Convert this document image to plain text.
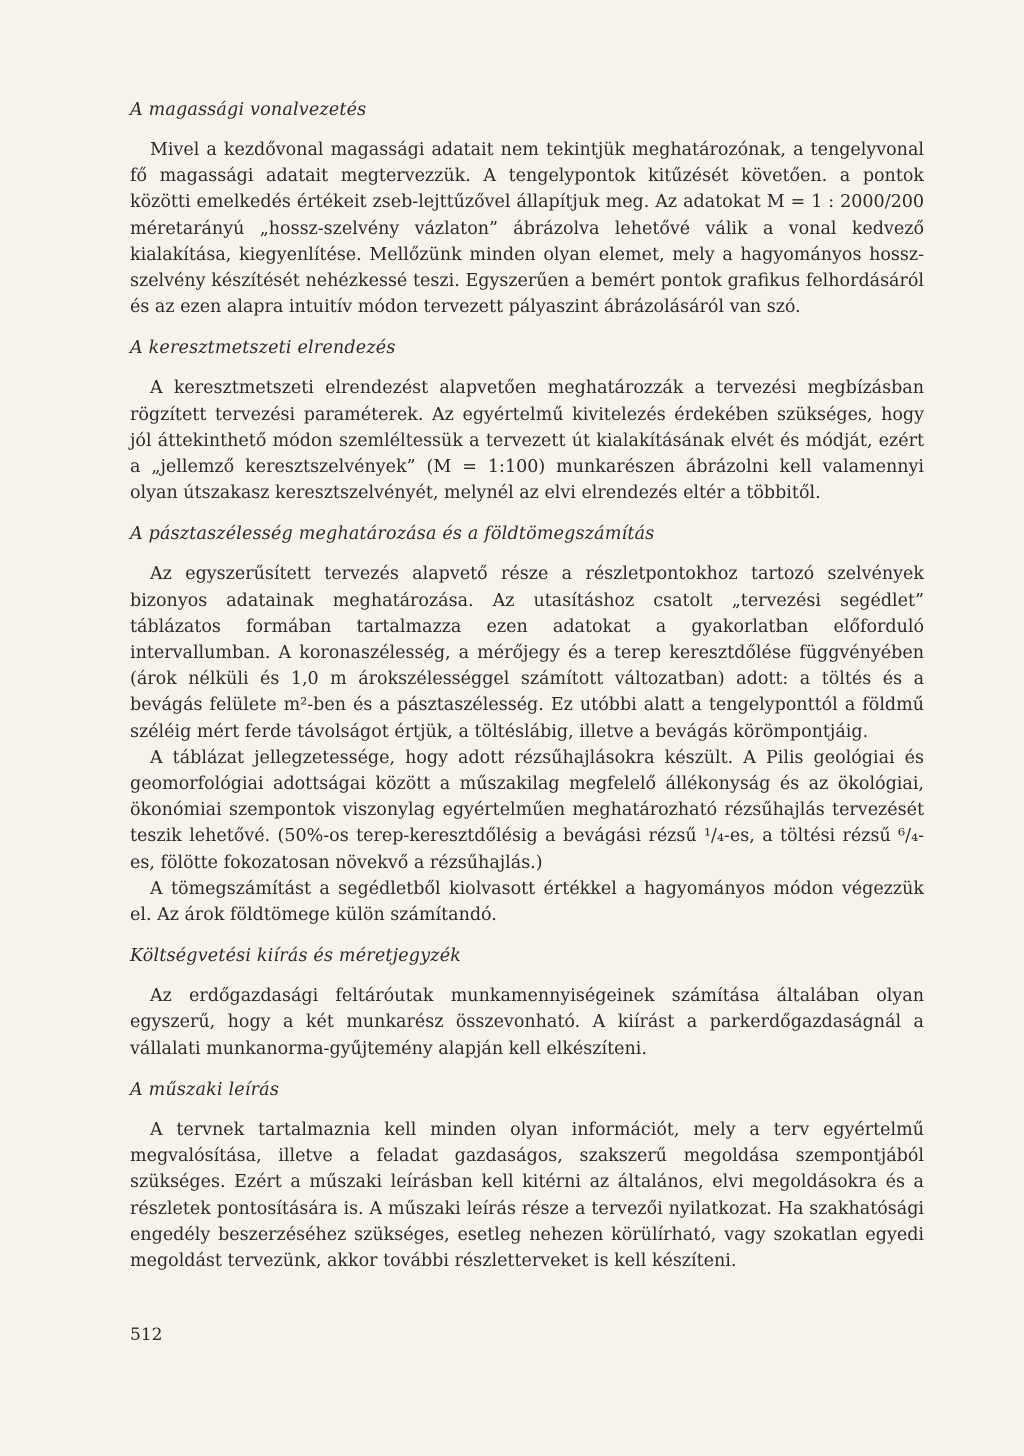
A magassági vonalvezetés

Mivel a kezdővonal magassági adatait nem tekintjük meghatározónak, a tengelyvonal fő magassági adatait megtervezzük. A tengelypontok kitűzését követően. a pontok közötti emelkedés értékeit zseb-lejttűzővel állapítjuk meg. Az adatokat M = 1 : 2000/200 méretarányú „hossz-szelvény vázlaton” ábrázolva lehetővé válik a vonal kedvező kialakítása, kiegyenlítése. Mellőzünk minden olyan elemet, mely a hagyományos hossz-szelvény készítését nehézkessé teszi. Egyszerűen a bemért pontok grafikus felhordásáról és az ezen alapra intuitív módon tervezett pályaszint ábrázolásáról van szó.

A keresztmetszeti elrendezés

A keresztmetszeti elrendezést alapvetően meghatározzák a tervezési megbízásban rögzített tervezési paraméterek. Az egyértelmű kivitelezés érdekében szükséges, hogy jól áttekinthető módon szemléltessük a tervezett út kialakításának elvét és módját, ezért a „jellemző keresztszelvények” (M = 1:100) munkarészen ábrázolni kell valamennyi olyan útszakasz keresztszelvényét, melynél az elvi elrendezés eltér a többitől.

A pásztaszélesség meghatározása és a földtömegszámítás

Az egyszerűsített tervezés alapvető része a részletpontokhoz tartozó szelvények bizonyos adatainak meghatározása. Az utasításhoz csatolt „tervezési segédlet” táblázatos formában tartalmazza ezen adatokat a gyakorlatban előforduló intervallumban. A koronaszélesség, a mérőjegy és a terep keresztdőlése függvényében (árok nélküli és 1,0 m árokszélességgel számított változatban) adott: a töltés és a bevágás felülete m²-ben és a pásztaszélesség. Ez utóbbi alatt a tengelyponttól a földmű széléig mért ferde távolságot értjük, a töltéslábig, illetve a bevágás körömpontjáig.

A táblázat jellegzetessége, hogy adott rézsűhajlásokra készült. A Pilis geológiai és geomorfológiai adottságai között a műszakilag megfelelő állékonyság és az ökológiai, ökonómiai szempontok viszonylag egyértelműen meghatározható rézsűhajlás tervezését teszik lehetővé. (50%-os terep-keresztdőlésig a bevágási rézsű ¹/₄-es, a töltési rézsű ⁶/₄-es, fölötte fokozatosan növekvő a rézsűhajlás.)

A tömegszámítást a segédletből kiolvasott értékkel a hagyományos módon végezzük el. Az árok földtömege külön számítandó.

Költségvetési kiírás és méretjegyzék

Az erdőgazdasági feltáróutak munkamennyiségeinek számítása általában olyan egyszerű, hogy a két munkarész összevonható. A kiírást a parkerdőgazdaságnál a vállalati munkanorma-gyűjtemény alapján kell elkészíteni.

A műszaki leírás

A tervnek tartalmaznia kell minden olyan információt, mely a terv egyértelmű megvalósítása, illetve a feladat gazdaságos, szakszerű megoldása szempontjából szükséges. Ezért a műszaki leírásban kell kitérni az általános, elvi megoldásokra és a részletek pontosítására is. A műszaki leírás része a tervezői nyilatkozat. Ha szakhatósági engedély beszerzéséhez szükséges, esetleg nehezen körülírható, vagy szokatlan egyedi megoldást tervezünk, akkor további részletterveket is kell készíteni.

512
